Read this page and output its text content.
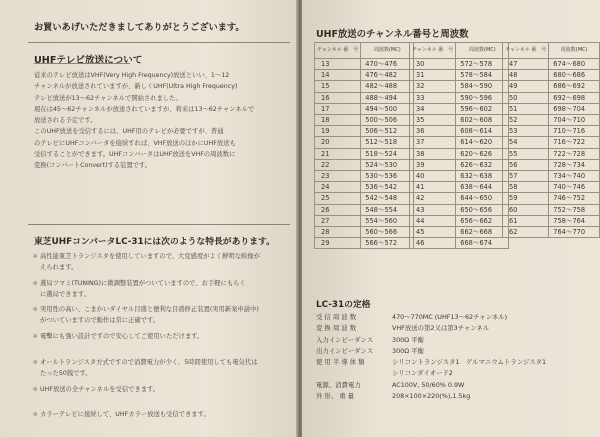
お買いあげいただきましてありがとうございます。
UHFテレビ放送について
従来のテレビ放送はVHF(Very High Frequency)放送といい、1〜12
チャンネルが放送されていますが、新しくUHF(Ultra High Frequency)
テレビ放送が13〜62チャンネルで開始されました。
現在は45〜62チャンネルが放送されていますが、将来は13〜62チャンネルで
放送される予定です。
このUHF放送を受信するには、UHF用のテレビが必要ですが、普通
のテレビにUHFコンバータを接続すれば、VHF放送のほかにUHF放送も
受信することができます。UHFコンバータはUHF放送をVHFの周波数に
変換(コンバートConvert)する装置です。
東芝UHFコンバータLC-31には次のような特長があります。
＊ 高性能東芝トランジスタを使用していますので、大変感度がよく鮮明な映像が
えられます。
＊ 選局ツマミ(TUNING)に微調整装置がついていますので、お手軽にもらく
に選局できます。
＊ 実用性の高い、こまかいダイヤル目盛と便利な目盛修正装置(実用新案申請中)
がついていますので動作は常に正確です。
＊ 電擊にも強い設計ですので安心してご使用いただけます。
＊ オールトランジスタ方式ですので消費電力が少く、5時間使用しても電気代は
たった50銭です。
＊ UHF放送の全チャンネルを受信できます。
＊ カラーテレビに接続して、UHFカラー放送も受信できます。
UHF放送のチャンネル番号と周波数
チャンネル 番　号	周波数(MC)
13	470〜476
14	476〜482
15	482〜488
16	488〜494
17	494〜500
18	500〜506
19	506〜512
20	512〜518
21	518〜524
22	524〜530
23	530〜536
24	536〜542
25	542〜548
26	548〜554
27	554〜560
28	560〜566
29	566〜572
チャンネル 番　号	周波数(MC)
30	572〜578
31	578〜584
32	584〜590
33	590〜596
34	596〜602
35	602〜608
36	608〜614
37	614〜620
38	620〜626
39	626〜632
40	632〜638
41	638〜644
42	644〜650
43	650〜656
44	656〜662
45	662〜668
46	668〜674
チャンネル 番　号	周波数(MC)
47	674〜680
48	680〜686
49	686〜692
50	692〜698
51	698〜704
52	704〜710
53	710〜716
54	716〜722
55	722〜728
56	728〜734
57	734〜740
58	740〜746
59	746〜752
60	752〜758
61	758〜764
62	764〜770
LC-31の定格
受 信 周 波 数	470〜770MC (UHF13〜62チャンネル)
変 換 周 波 数	VHF放送の第2又は第3チャンネル
入力インピーダンス	300Ω 平衡
出力インピーダンス	300Ω 平衡
使 用 半 導 体 類	シリコントランジスタ1　ゲルマニウムトランジスタ1
シリコンダイオード2
電源、消費電力	AC100V, 50/60% 0.9W
外 形、 重 量	208×100×220(%),1.5kg
